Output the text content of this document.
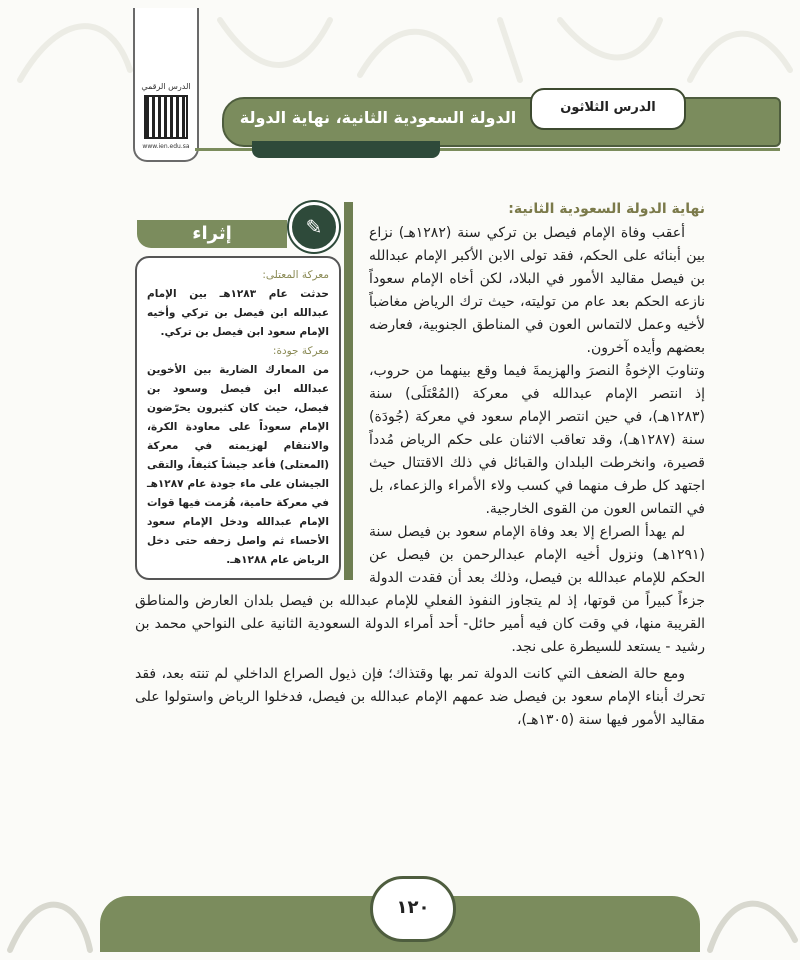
الدرس الرقمي
www.ien.edu.sa
الدولة السعودية الثانية، نهاية الدولة
الدرس الثلاثون
إثراء	✎
معركة المعتلى:
حدثت عام ١٢٨٣هـ بين الإمام عبدالله ابن فيصل بن تركي وأخيه الإمام سعود ابن فيصل بن تركي.
معركة جودة:
من المعارك الضارية بين الأخوين عبدالله ابن فيصل وسعود بن فيصل، حيث كان كثيرون يحرّضون الإمام سعوداً على معاودة الكرة، والانتقام لهزيمته في معركة (المعتلى) فأعد جيشاً كثيفاً، والتقى الجيشان على ماء جودة عام ١٢٨٧هـ في معركة حامية، هُزمت فيها قوات الإمام عبدالله ودخل الإمام سعود الأحساء ثم واصل زحفه حتى دخل الرياض عام ١٢٨٨هـ.
نهاية الدولة السعودية الثانية:
أعقب وفاة الإمام فيصل بن تركي سنة (١٢٨٢هـ) نزاع بين أبنائه على الحكم، فقد تولى الابن الأكبر الإمام عبدالله بن فيصل مقاليد الأمور في البلاد، لكن أخاه الإمام سعوداً نازعه الحكم بعد عام من توليته، حيث ترك الرياض مغاضباً لأخيه وعمل لالتماس العون في المناطق الجنوبية، فعارضه بعضهم وأيده آخرون.
وتناوبَ الإخوةُ النصرَ والهزيمةَ فيما وقع بينهما من حروب، إذ انتصر الإمام عبدالله في معركة (المُعْتَلَى) سنة (١٢٨٣هـ)، في حين انتصر الإمام سعود في معركة (جُودَة) سنة (١٢٨٧هـ)، وقد تعاقب الاثنان على حكم الرياض مُدداً قصيرة، وانخرطت البلدان والقبائل في ذلك الاقتتال حيث اجتهد كل طرف منهما في كسب ولاء الأمراء والزعماء، بل في التماس العون من القوى الخارجية.
لم يهدأ الصراع إلا بعد وفاة الإمام سعود بن فيصل سنة (١٢٩١هـ) ونزول أخيه الإمام عبدالرحمن بن فيصل عن الحكم للإمام عبدالله بن فيصل، وذلك بعد أن فقدت الدولة جزءاً كبيراً من قوتها، إذ لم يتجاوز النفوذ الفعلي للإمام عبدالله بن فيصل بلدان العارض والمناطق القريبة منها، في وقت كان فيه أمير حائل- أحد أمراء الدولة السعودية الثانية على النواحي محمد بن رشيد - يستعد للسيطرة على نجد.
ومع حالة الضعف التي كانت الدولة تمر بها وقتذاك؛ فإن ذيول الصراع الداخلي لم تنته بعد، فقد تحرك أبناء الإمام سعود بن فيصل ضد عمهم الإمام عبدالله بن فيصل، فدخلوا الرياض واستولوا على مقاليد الأمور فيها سنة (١٣٠٥هـ)،
١٢٠
